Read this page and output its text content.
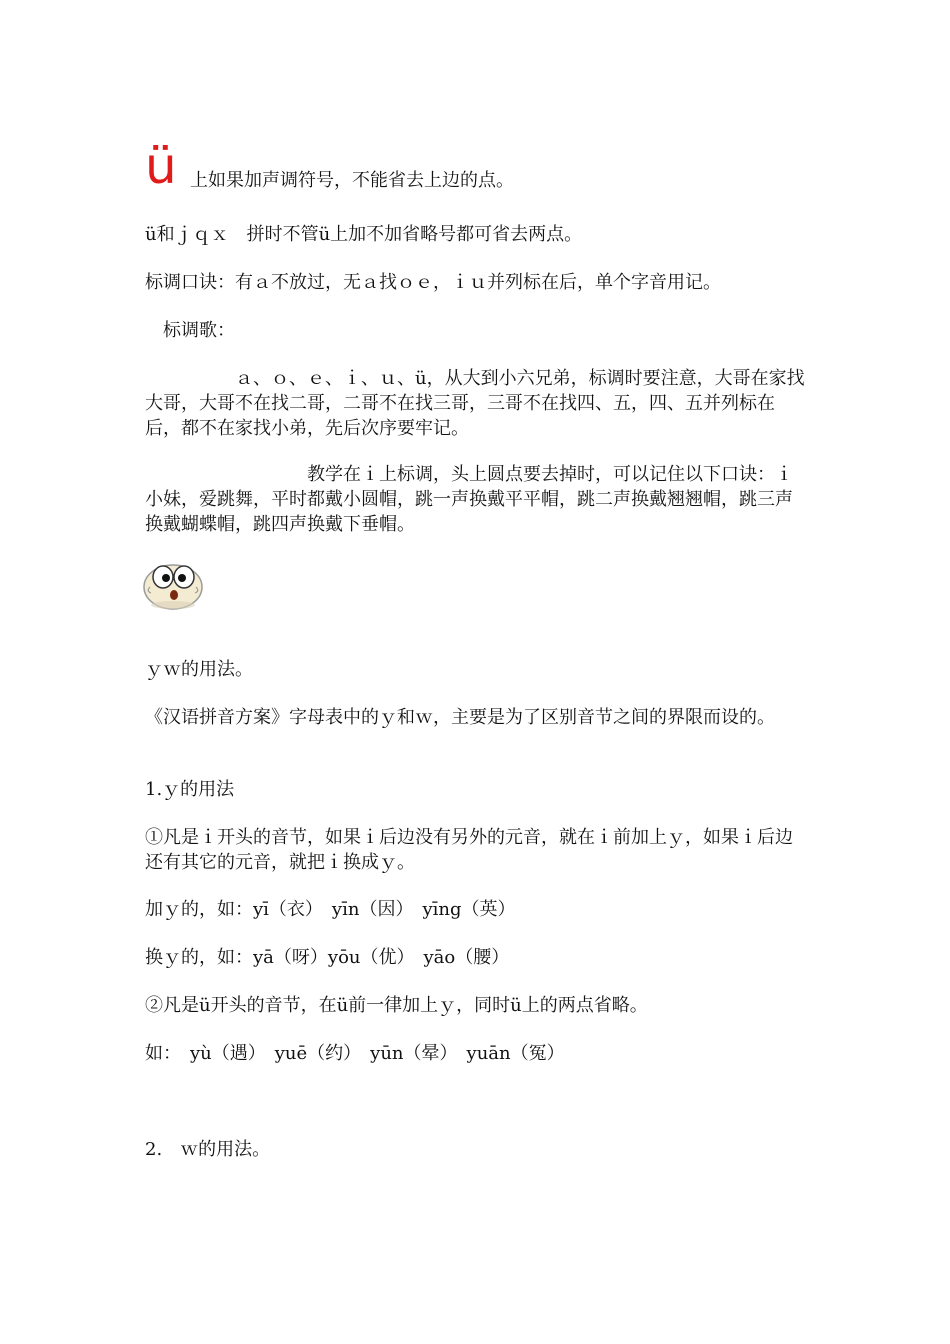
ü 上如果加声调符号，不能省去上边的点。

ü和ｊｑｘ　拼时不管ü上加不加省略号都可省去两点。

标调口诀：有ａ不放过，无ａ找ｏｅ，ｉｕ并列标在后，单个字音用记。

　标调歌：

　　　　　ａ、ｏ、ｅ、ｉ、ｕ、ü，从大到小六兄弟，标调时要注意，大哥在家找大哥，大哥不在找二哥，二哥不在找三哥，三哥不在找四、五，四、五并列标在后，都不在家找小弟，先后次序要牢记。

　　　　　　　　　教学在ｉ上标调，头上圆点要去掉时，可以记住以下口诀：ｉ小妹，爱跳舞，平时都戴小圆帽，跳一声换戴平平帽，跳二声换戴翘翘帽，跳三声换戴蝴蝶帽，跳四声换戴下垂帽。

ｙｗ的用法。

《汉语拼音方案》字母表中的ｙ和ｗ，主要是为了区别音节之间的界限而设的。

1.ｙ的用法

①凡是ｉ开头的音节，如果ｉ后边没有另外的元音，就在ｉ前加上ｙ，如果ｉ后边还有其它的元音，就把ｉ换成ｙ。

加ｙ的，如：yī（衣）　yīn（因）　yīng（英）

换ｙ的，如：yā（呀）yōu（优）　yāo（腰）

②凡是ü开头的音节，在ü前一律加上ｙ，同时ü上的两点省略。

如：　yù（遇）　yuē（约）　yūn（晕）　yuān（冤）

2.　ｗ的用法。
